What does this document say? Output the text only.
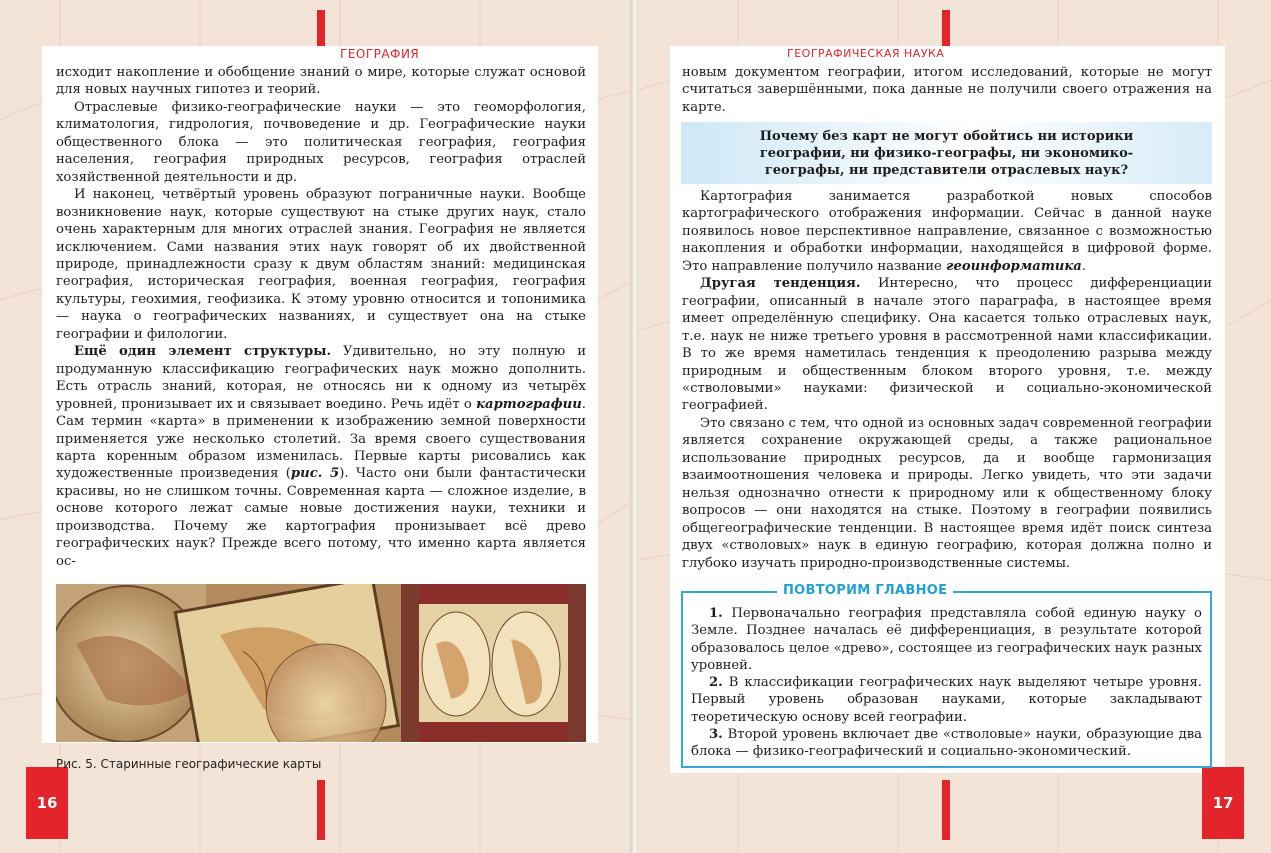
16
ГЕОГРАФИЯ

исходит накопление и обобщение знаний о мире, которые служат основой для новых научных гипотез и теорий.

Отраслевые физико-географические науки — это геоморфология, климатология, гидрология, почвоведение и др. Географические науки общественного блока — это политическая география, география населения, география природных ресурсов, география отраслей хозяйственной деятельности и др.

И наконец, четвёртый уровень образуют пограничные науки. Вообще возникновение наук, которые существуют на стыке других наук, стало очень характерным для многих отраслей знания. География не является исключением. Сами названия этих наук говорят об их двойственной природе, принадлежности сразу к двум областям знаний: медицинская география, историческая география, военная география, география культуры, геохимия, геофизика. К этому уровню относится и топонимика — наука о географических названиях, и существует она на стыке географии и филологии.

Ещё один элемент структуры. Удивительно, но эту полную и продуманную классификацию географических наук можно дополнить. Есть отрасль знаний, которая, не относясь ни к одному из четырёх уровней, пронизывает их и связывает воедино. Речь идёт о картографии. Сам термин «карта» в применении к изображению земной поверхности применяется уже несколько столетий. За время своего существования карта коренным образом изменилась. Первые карты рисовались как художественные произведения (рис. 5). Часто они были фантастически красивы, но не слишком точны. Современная карта — сложное изделие, в основе которого лежат самые новые достижения науки, техники и производства. Почему же картография пронизывает всё древо географических наук? Прежде всего потому, что именно карта является ос-

Рис. 5. Старинные географические карты
17
ГЕОГРАФИЧЕСКАЯ НАУКА

новым документом географии, итогом исследований, которые не могут считаться завершёнными, пока данные не получили своего отражения на карте.

Почему без карт не могут обойтись ни историки географии, ни физико-географы, ни экономико-географы, ни представители отраслевых наук?

Картография занимается разработкой новых способов картографического отображения информации. Сейчас в данной науке появилось новое перспективное направление, связанное с возможностью накопления и обработки информации, находящейся в цифровой форме. Это направление получило название геоинформатика.

Другая тенденция. Интересно, что процесс дифференциации географии, описанный в начале этого параграфа, в настоящее время имеет определённую специфику. Она касается только отраслевых наук, т.е. наук не ниже третьего уровня в рассмотренной нами классификации. В то же время наметилась тенденция к преодолению разрыва между природным и общественным блоком второго уровня, т.е. между «стволовыми» науками: физической и социально-экономической географией.

Это связано с тем, что одной из основных задач современной географии является сохранение окружающей среды, а также рациональное использование природных ресурсов, да и вообще гармонизация взаимоотношения человека и природы. Легко увидеть, что эти задачи нельзя однозначно отнести к природному или к общественному блоку вопросов — они находятся на стыке. Поэтому в географии появились общегеографические тенденции. В настоящее время идёт поиск синтеза двух «стволовых» наук в единую географию, которая должна полно и глубоко изучать природно-производственные системы.

ПОВТОРИМ ГЛАВНОЕ

1. Первоначально география представляла собой единую науку о Земле. Позднее началась её дифференциация, в результате которой образовалось целое «древо», состоящее из географических наук разных уровней.

2. В классификации географических наук выделяют четыре уровня. Первый уровень образован науками, которые закладывают теоретическую основу всей географии.

3. Второй уровень включает две «стволовые» науки, образующие два блока — физико-географический и социально-экономический.
